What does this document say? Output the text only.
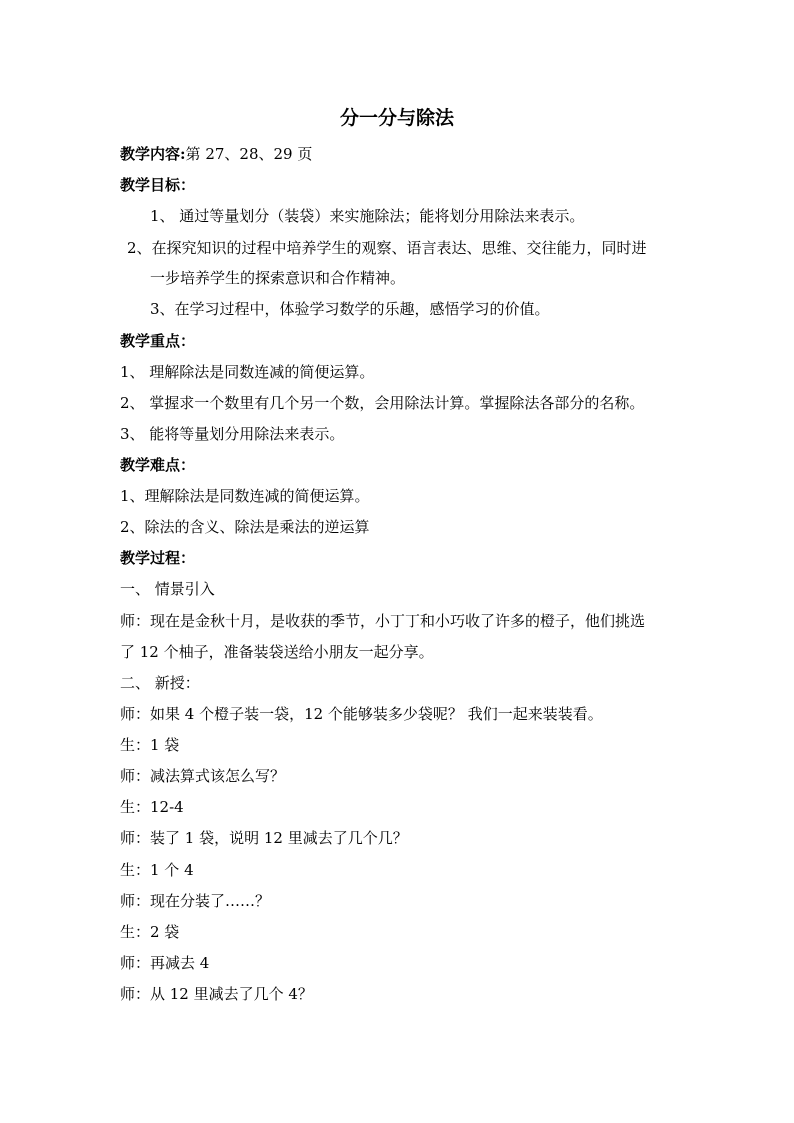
分一分与除法
教学内容:第 27、28、29 页
教学目标：
1、 通过等量划分（装袋）来实施除法；能将划分用除法来表示。
2、在探究知识的过程中培养学生的观察、语言表达、思维、交往能力，同时进
一步培养学生的探索意识和合作精神。
3、在学习过程中，体验学习数学的乐趣，感悟学习的价值。
教学重点：
1、 理解除法是同数连减的简便运算。
2、 掌握求一个数里有几个另一个数，会用除法计算。掌握除法各部分的名称。
3、 能将等量划分用除法来表示。
教学难点：
1、理解除法是同数连减的简便运算。
2、除法的含义、除法是乘法的逆运算
教学过程：
一、 情景引入
师：现在是金秋十月，是收获的季节，小丁丁和小巧收了许多的橙子，他们挑选
了 12 个柚子，准备装袋送给小朋友一起分享。
二、 新授：
师：如果 4 个橙子装一袋，12 个能够装多少袋呢？ 我们一起来装装看。
生：1 袋
师：减法算式该怎么写？
生：12-4
师：装了 1 袋，说明 12 里减去了几个几？
生：1 个 4
师：现在分装了……？
生：2 袋
师：再减去 4
师：从 12 里减去了几个 4？
